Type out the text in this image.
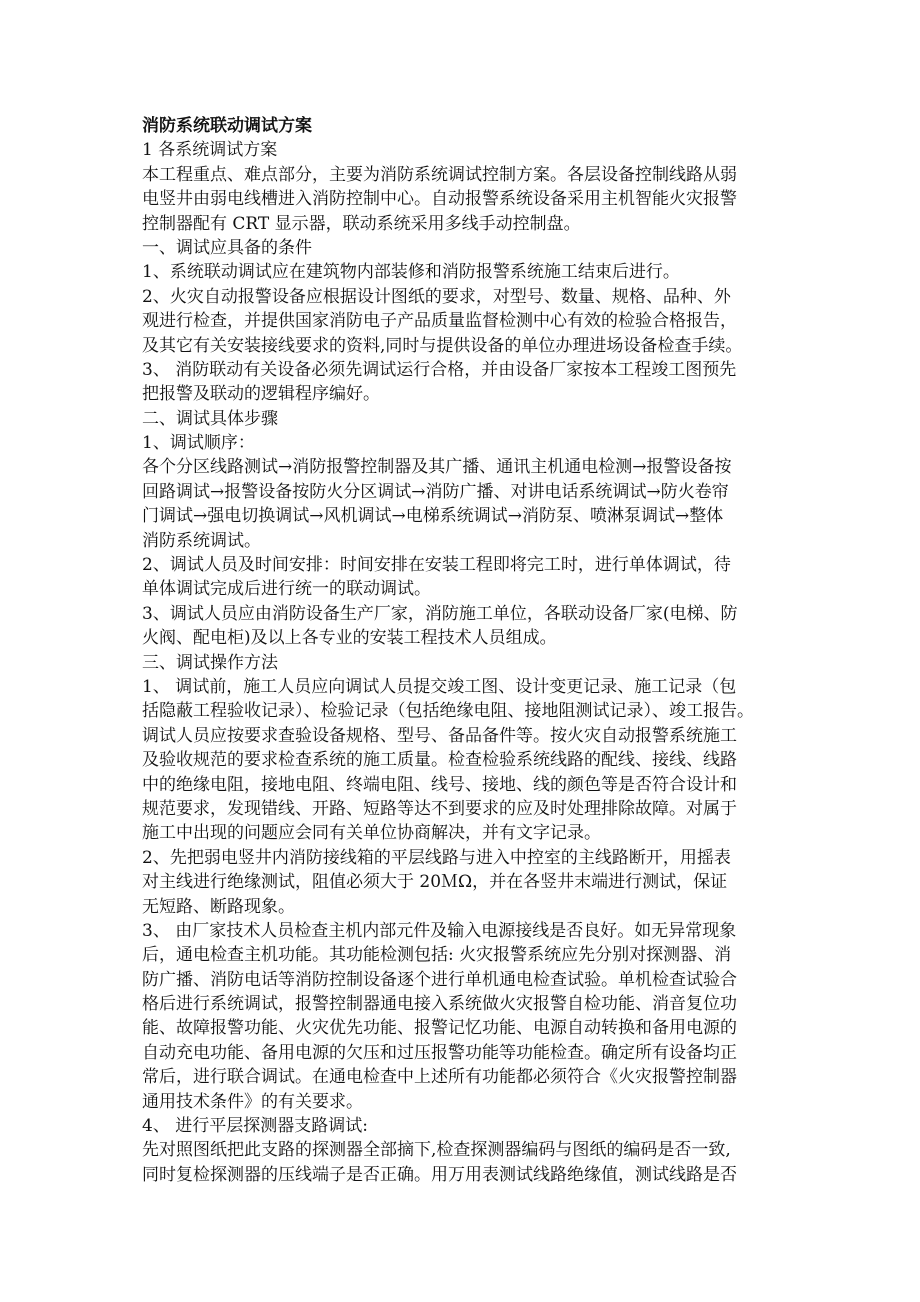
消防系统联动调试方案
1 各系统调试方案
本工程重点、难点部分，主要为消防系统调试控制方案。各层设备控制线路从弱
电竖井由弱电线槽进入消防控制中心。自动报警系统设备采用主机智能火灾报警
控制器配有 CRT 显示器，联动系统采用多线手动控制盘。
一、调试应具备的条件
1、系统联动调试应在建筑物内部装修和消防报警系统施工结束后进行。
2、火灾自动报警设备应根据设计图纸的要求，对型号、数量、规格、品种、外
观进行检查，并提供国家消防电子产品质量监督检测中心有效的检验合格报告，
及其它有关安装接线要求的资料,同时与提供设备的单位办理进场设备检查手续。
3、 消防联动有关设备必须先调试运行合格，并由设备厂家按本工程竣工图预先
把报警及联动的逻辑程序编好。
二、调试具体步骤
1、调试顺序：
各个分区线路测试→消防报警控制器及其广播、通讯主机通电检测→报警设备按
回路调试→报警设备按防火分区调试→消防广播、对讲电话系统调试→防火卷帘
门调试→强电切换调试→风机调试→电梯系统调试→消防泵、喷淋泵调试→整体
消防系统调试。
2、调试人员及时间安排：时间安排在安装工程即将完工时，进行单体调试，待
单体调试完成后进行统一的联动调试。
3、调试人员应由消防设备生产厂家，消防施工单位，各联动设备厂家(电梯、防
火阀、配电柜)及以上各专业的安装工程技术人员组成。
三、调试操作方法
1、 调试前，施工人员应向调试人员提交竣工图、设计变更记录、施工记录（包
括隐蔽工程验收记录）、检验记录（包括绝缘电阻、接地阻测试记录）、竣工报告。
调试人员应按要求查验设备规格、型号、备品备件等。按火灾自动报警系统施工
及验收规范的要求检查系统的施工质量。检查检验系统线路的配线、接线、线路
中的绝缘电阻，接地电阻、终端电阻、线号、接地、线的颜色等是否符合设计和
规范要求，发现错线、开路、短路等达不到要求的应及时处理排除故障。对属于
施工中出现的问题应会同有关单位协商解决，并有文字记录。
2、先把弱电竖井内消防接线箱的平层线路与进入中控室的主线路断开，用摇表
对主线进行绝缘测试，阻值必须大于 20ＭΩ，并在各竖井末端进行测试，保证
无短路、断路现象。
3、 由厂家技术人员检查主机内部元件及输入电源接线是否良好。如无异常现象
后，通电检查主机功能。其功能检测包括: 火灾报警系统应先分别对探测器、消
防广播、消防电话等消防控制设备逐个进行单机通电检查试验。单机检查试验合
格后进行系统调试，报警控制器通电接入系统做火灾报警自检功能、消音复位功
能、故障报警功能、火灾优先功能、报警记忆功能、电源自动转换和备用电源的
自动充电功能、备用电源的欠压和过压报警功能等功能检查。确定所有设备均正
常后，进行联合调试。在通电检查中上述所有功能都必须符合《火灾报警控制器
通用技术条件》的有关要求。
4、 进行平层探测器支路调试:
先对照图纸把此支路的探测器全部摘下,检查探测器编码与图纸的编码是否一致,
同时复检探测器的压线端子是否正确。用万用表测试线路绝缘值，测试线路是否
